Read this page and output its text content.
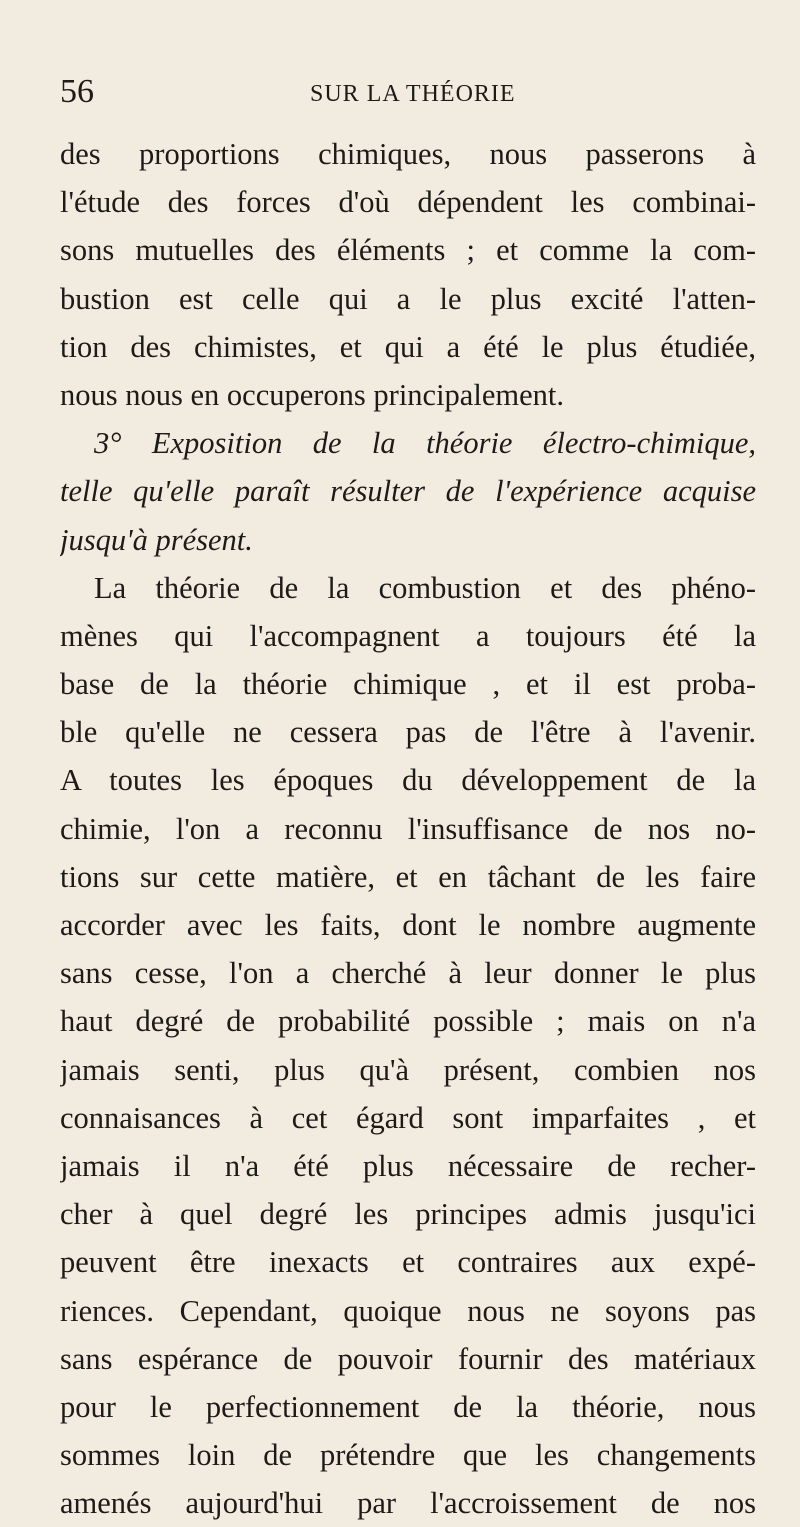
56	SUR LA THÉORIE
des proportions chimiques, nous passerons à
l'étude des forces d'où dépendent les combinai-
sons mutuelles des éléments ; et comme la com-
bustion est celle qui a le plus excité l'atten-
tion des chimistes, et qui a été le plus étudiée,
nous nous en occuperons principalement.
3° Exposition de la théorie électro-chimique,
telle qu'elle paraît résulter de l'expérience acquise
jusqu'à présent.
La théorie de la combustion et des phéno-
mènes qui l'accompagnent a toujours été la
base de la théorie chimique , et il est proba-
ble qu'elle ne cessera pas de l'être à l'avenir.
A toutes les époques du développement de la
chimie, l'on a reconnu l'insuffisance de nos no-
tions sur cette matière, et en tâchant de les faire
accorder avec les faits, dont le nombre augmente
sans cesse, l'on a cherché à leur donner le plus
haut degré de probabilité possible ; mais on n'a
jamais senti, plus qu'à présent, combien nos
connaisances à cet égard sont imparfaites , et
jamais il n'a été plus nécessaire de recher-
cher à quel degré les principes admis jusqu'ici
peuvent être inexacts et contraires aux expé-
riences. Cependant, quoique nous ne soyons pas
sans espérance de pouvoir fournir des matériaux
pour le perfectionnement de la théorie, nous
sommes loin de prétendre que les changements
amenés aujourd'hui par l'accroissement de nos
